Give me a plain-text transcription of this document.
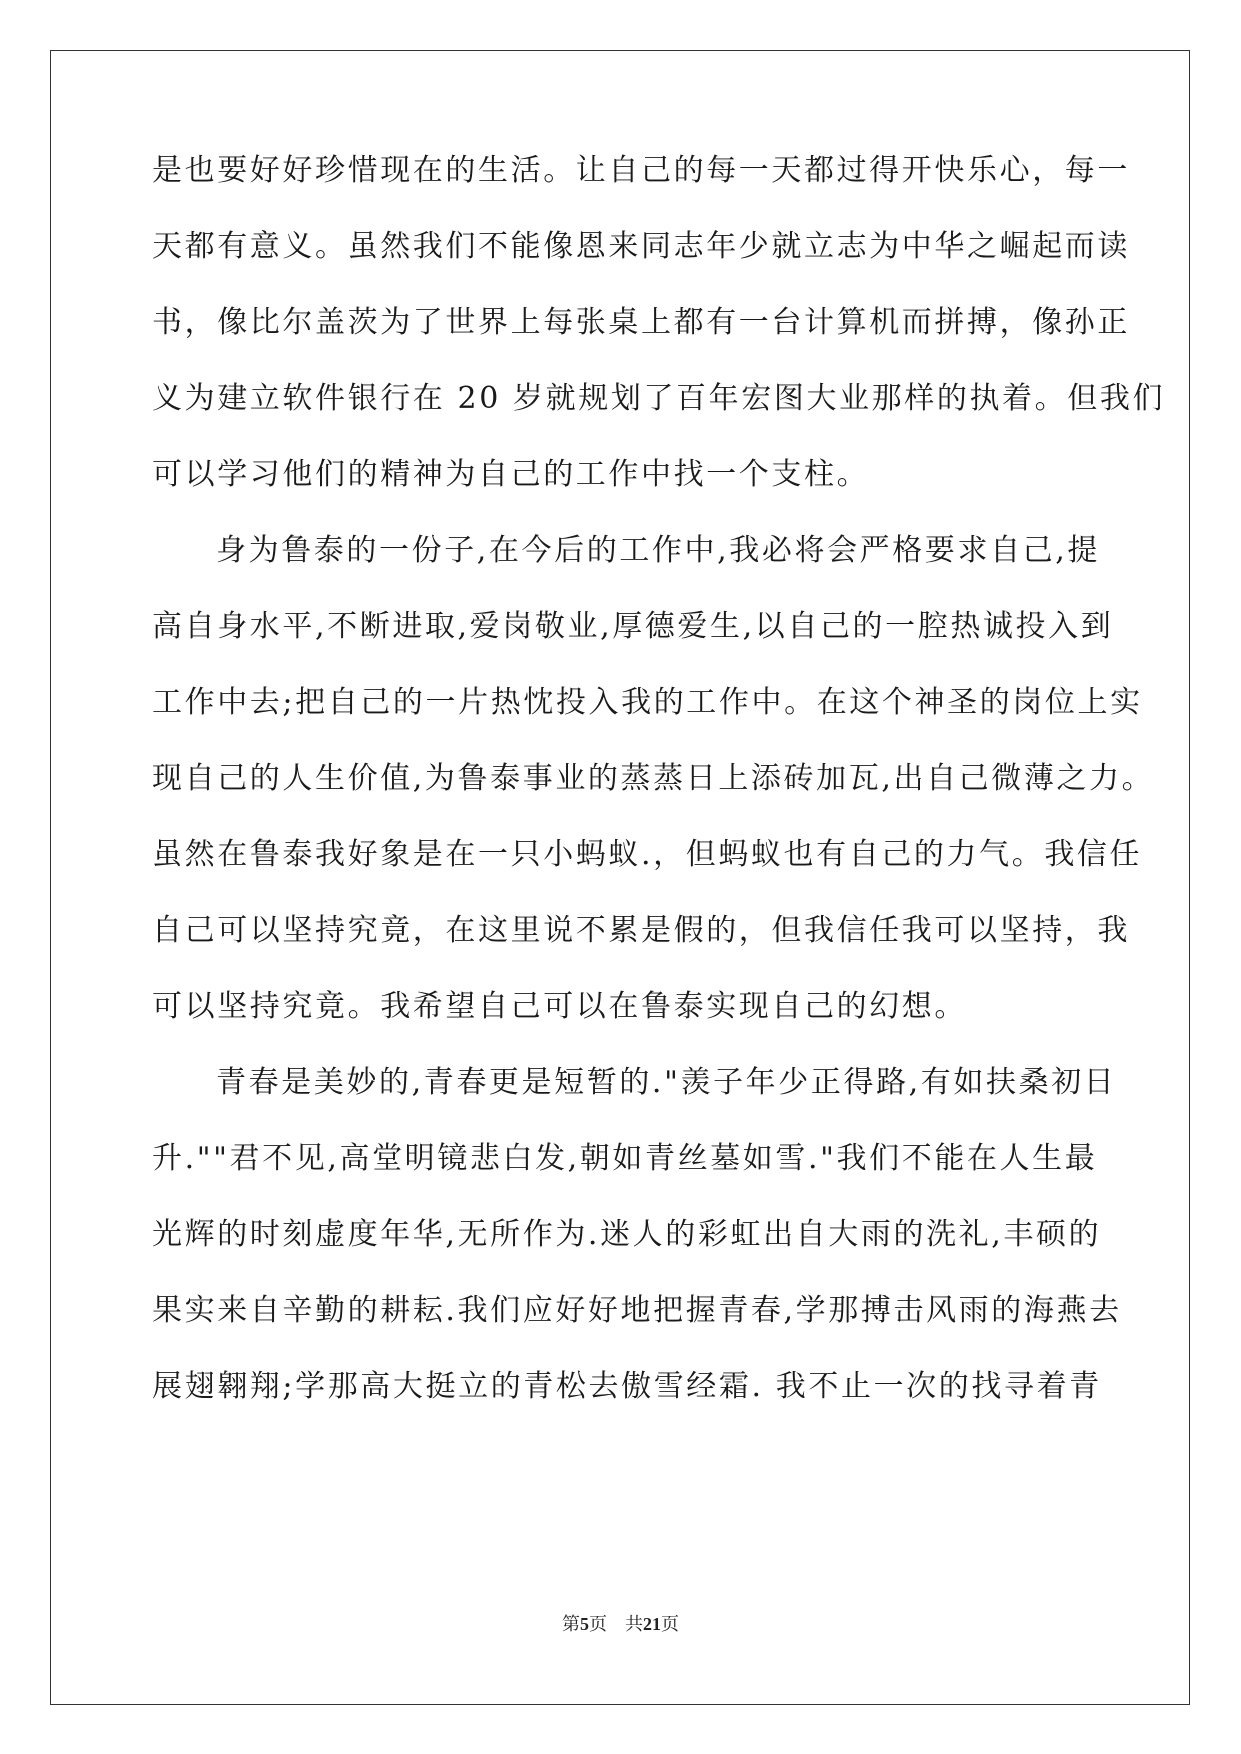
是也要好好珍惜现在的生活。让自己的每一天都过得开快乐心，每一
天都有意义。虽然我们不能像恩来同志年少就立志为中华之崛起而读
书，像比尔盖茨为了世界上每张桌上都有一台计算机而拼搏，像孙正
义为建立软件银行在 20 岁就规划了百年宏图大业那样的执着。但我们
可以学习他们的精神为自己的工作中找一个支柱。
身为鲁泰的一份子,在今后的工作中,我必将会严格要求自己,提
高自身水平,不断进取,爱岗敬业,厚德爱生,以自己的一腔热诚投入到
工作中去;把自己的一片热忱投入我的工作中。在这个神圣的岗位上实
现自己的人生价值,为鲁泰事业的蒸蒸日上添砖加瓦,出自己微薄之力。
虽然在鲁泰我好象是在一只小蚂蚁.，但蚂蚁也有自己的力气。我信任
自己可以坚持究竟，在这里说不累是假的，但我信任我可以坚持，我
可以坚持究竟。我希望自己可以在鲁泰实现自己的幻想。
青春是美妙的,青春更是短暂的."羡子年少正得路,有如扶桑初日
升.""君不见,高堂明镜悲白发,朝如青丝墓如雪."我们不能在人生最
光辉的时刻虚度年华,无所作为.迷人的彩虹出自大雨的洗礼,丰硕的
果实来自辛勤的耕耘.我们应好好地把握青春,学那搏击风雨的海燕去
展翅翱翔;学那高大挺立的青松去傲雪经霜. 我不止一次的找寻着青
第5页 共21页
